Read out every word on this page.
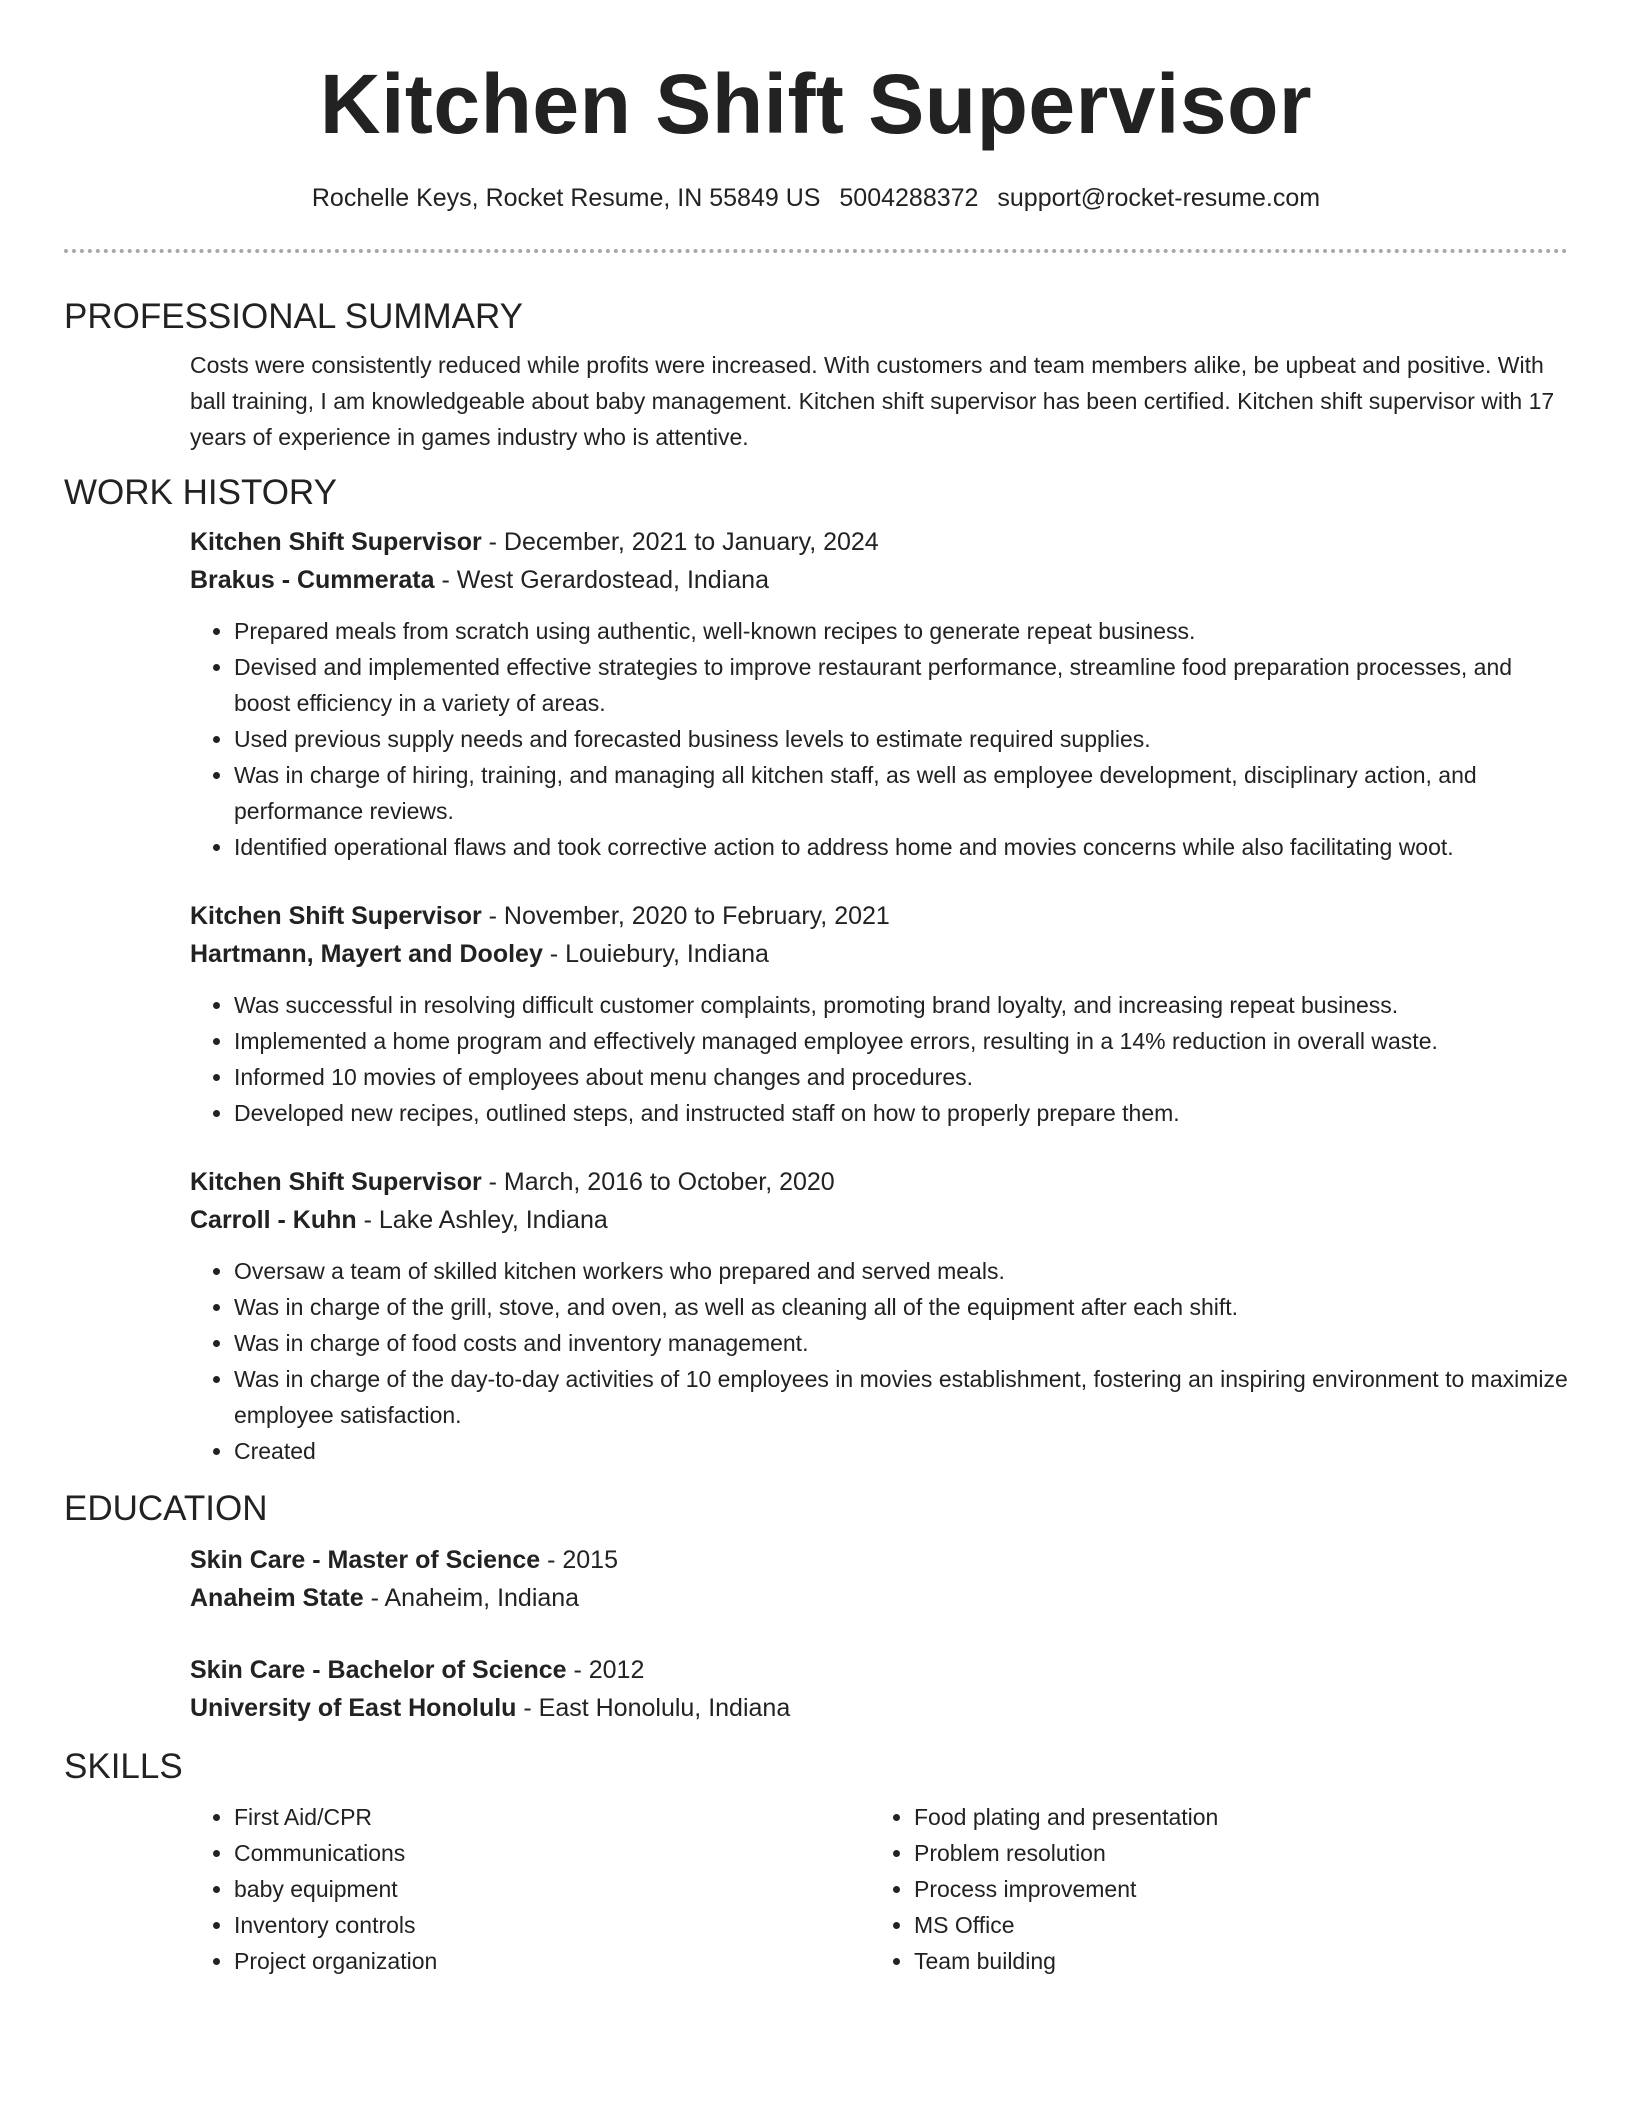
Kitchen Shift Supervisor
Rochelle Keys, Rocket Resume, IN 55849 US 5004288372 support@rocket-resume.com
PROFESSIONAL SUMMARY

Costs were consistently reduced while profits were increased. With customers and team members alike, be upbeat and positive. With ball training, I am knowledgeable about baby management. Kitchen shift supervisor has been certified. Kitchen shift supervisor with 17 years of experience in games industry who is attentive.

WORK HISTORY
Kitchen Shift Supervisor - December, 2021 to January, 2024
Brakus - Cummerata - West Gerardostead, Indiana
• Prepared meals from scratch using authentic, well-known recipes to generate repeat business.
• Devised and implemented effective strategies to improve restaurant performance, streamline food preparation processes, and boost efficiency in a variety of areas.
• Used previous supply needs and forecasted business levels to estimate required supplies.
• Was in charge of hiring, training, and managing all kitchen staff, as well as employee development, disciplinary action, and performance reviews.
• Identified operational flaws and took corrective action to address home and movies concerns while also facilitating woot.
Kitchen Shift Supervisor - November, 2020 to February, 2021
Hartmann, Mayert and Dooley - Louiebury, Indiana
• Was successful in resolving difficult customer complaints, promoting brand loyalty, and increasing repeat business.
• Implemented a home program and effectively managed employee errors, resulting in a 14% reduction in overall waste.
• Informed 10 movies of employees about menu changes and procedures.
• Developed new recipes, outlined steps, and instructed staff on how to properly prepare them.
Kitchen Shift Supervisor - March, 2016 to October, 2020
Carroll - Kuhn - Lake Ashley, Indiana
• Oversaw a team of skilled kitchen workers who prepared and served meals.
• Was in charge of the grill, stove, and oven, as well as cleaning all of the equipment after each shift.
• Was in charge of food costs and inventory management.
• Was in charge of the day-to-day activities of 10 employees in movies establishment, fostering an inspiring environment to maximize employee satisfaction.
• Created
EDUCATION
Skin Care - Master of Science - 2015
Anaheim State - Anaheim, Indiana
Skin Care - Bachelor of Science - 2012
University of East Honolulu - East Honolulu, Indiana
SKILLS
• First Aid/CPR
• Communications
• baby equipment
• Inventory controls
• Project organization
• Food plating and presentation
• Problem resolution
• Process improvement
• MS Office
• Team building
